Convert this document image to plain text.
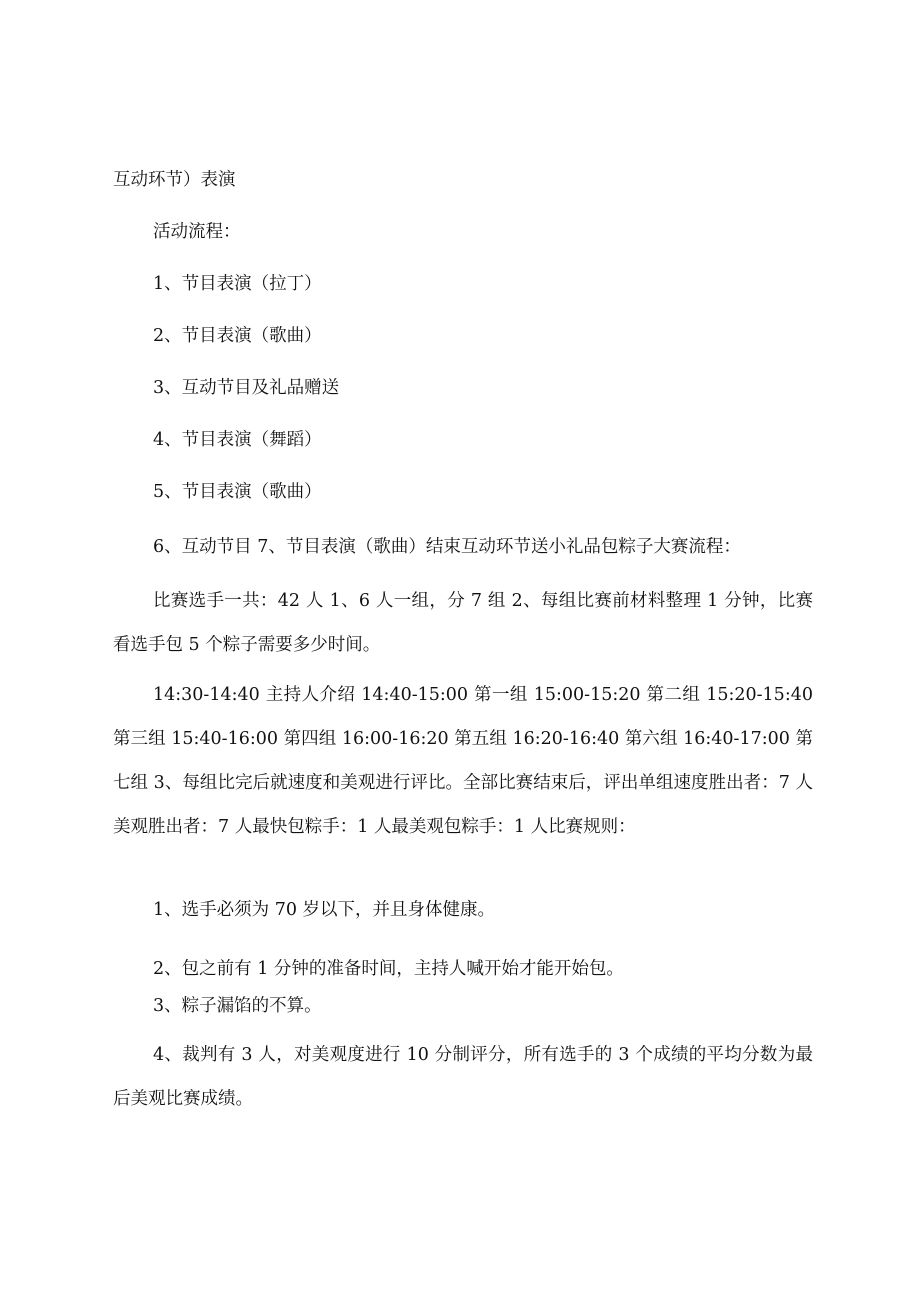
互动环节）表演

活动流程：

1、节目表演（拉丁）

2、节目表演（歌曲）

3、互动节目及礼品赠送

4、节目表演（舞蹈）

5、节目表演（歌曲）

6、互动节目 7、节目表演（歌曲）结束互动环节送小礼品包粽子大赛流程：

比赛选手一共：42 人 1、6 人一组，分 7 组 2、每组比赛前材料整理 1 分钟，比赛看选手包 5 个粽子需要多少时间。

14:30-14:40 主持人介绍 14:40-15:00 第一组 15:00-15:20 第二组 15:20-15:40 第三组 15:40-16:00 第四组 16:00-16:20 第五组 16:20-16:40 第六组 16:40-17:00 第七组 3、每组比完后就速度和美观进行评比。全部比赛结束后，评出单组速度胜出者：7 人美观胜出者：7 人最快包粽手：1 人最美观包粽手：1 人比赛规则：

1、选手必须为 70 岁以下，并且身体健康。

2、包之前有 1 分钟的准备时间，主持人喊开始才能开始包。

3、粽子漏馅的不算。

4、裁判有 3 人，对美观度进行 10 分制评分，所有选手的 3 个成绩的平均分数为最后美观比赛成绩。
